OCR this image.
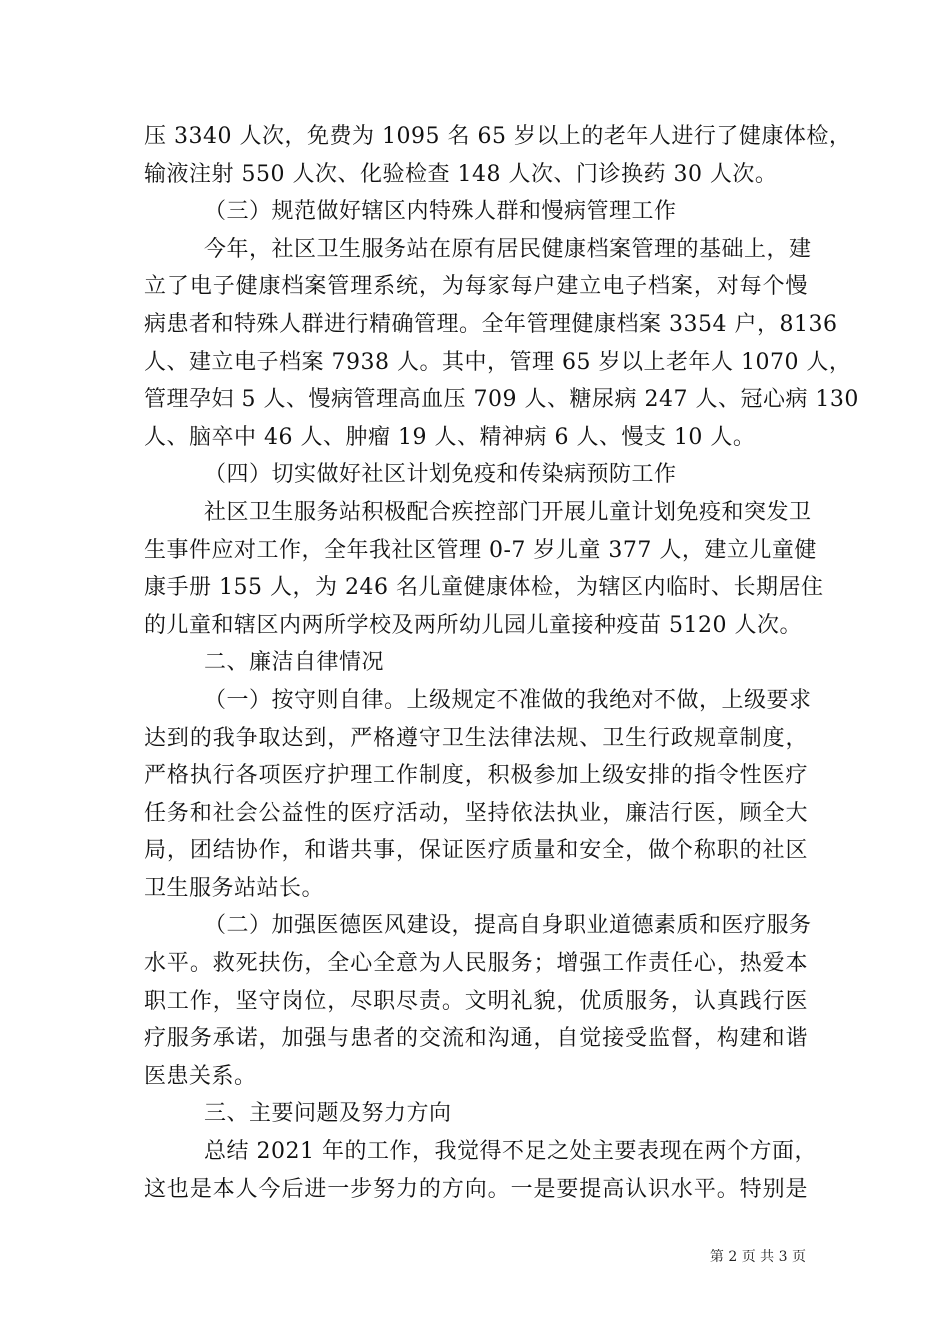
压 3340 人次，免费为 1095 名 65 岁以上的老年人进行了健康体检，
输液注射 550 人次、化验检查 148 人次、门诊换药 30 人次。
（三）规范做好辖区内特殊人群和慢病管理工作
今年，社区卫生服务站在原有居民健康档案管理的基础上，建
立了电子健康档案管理系统，为每家每户建立电子档案，对每个慢
病患者和特殊人群进行精确管理。全年管理健康档案 3354 户，8136
人、建立电子档案 7938 人。其中，管理 65 岁以上老年人 1070 人，
管理孕妇 5 人、慢病管理高血压 709 人、糖尿病 247 人、冠心病 130
人、脑卒中 46 人、肿瘤 19 人、精神病 6 人、慢支 10 人。
（四）切实做好社区计划免疫和传染病预防工作
社区卫生服务站积极配合疾控部门开展儿童计划免疫和突发卫
生事件应对工作，全年我社区管理 0-7 岁儿童 377 人，建立儿童健
康手册 155 人，为 246 名儿童健康体检，为辖区内临时、长期居住
的儿童和辖区内两所学校及两所幼儿园儿童接种疫苗 5120 人次。
二、廉洁自律情况
（一）按守则自律。上级规定不准做的我绝对不做，上级要求
达到的我争取达到，严格遵守卫生法律法规、卫生行政规章制度，
严格执行各项医疗护理工作制度，积极参加上级安排的指令性医疗
任务和社会公益性的医疗活动，坚持依法执业，廉洁行医，顾全大
局，团结协作，和谐共事，保证医疗质量和安全，做个称职的社区
卫生服务站站长。
（二）加强医德医风建设，提高自身职业道德素质和医疗服务
水平。救死扶伤，全心全意为人民服务；增强工作责任心，热爱本
职工作，坚守岗位，尽职尽责。文明礼貌，优质服务，认真践行医
疗服务承诺，加强与患者的交流和沟通，自觉接受监督，构建和谐
医患关系。
三、主要问题及努力方向
总结 2021 年的工作，我觉得不足之处主要表现在两个方面，
这也是本人今后进一步努力的方向。一是要提高认识水平。特别是
第 2 页 共 3 页
